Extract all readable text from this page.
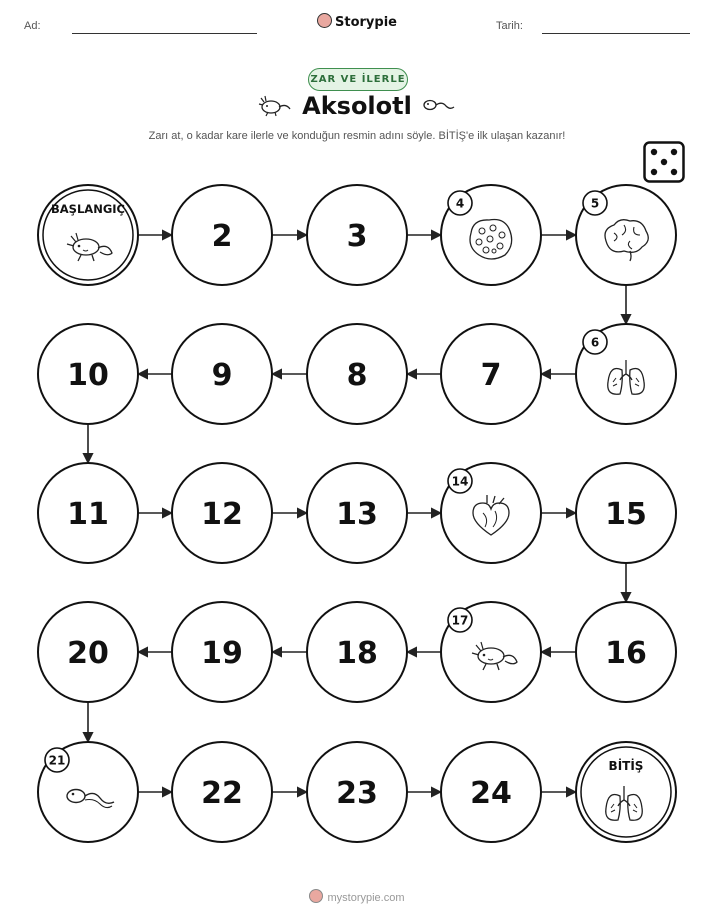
Ad:	Storypie	Tarih:
ZAR VE İLERLE
Aksolotl
Zarı at, o kadar kare ilerle ve konduğun resmin adını söyle. BİTİŞ'e ilk ulaşan kazanır!
BAŞLANGIÇ
2	3
4	5
6
7
8
9
10
11	12	13
14
15
16
17
18
19
20
21
22	23	24
BİTİŞ
mystorypie.com
